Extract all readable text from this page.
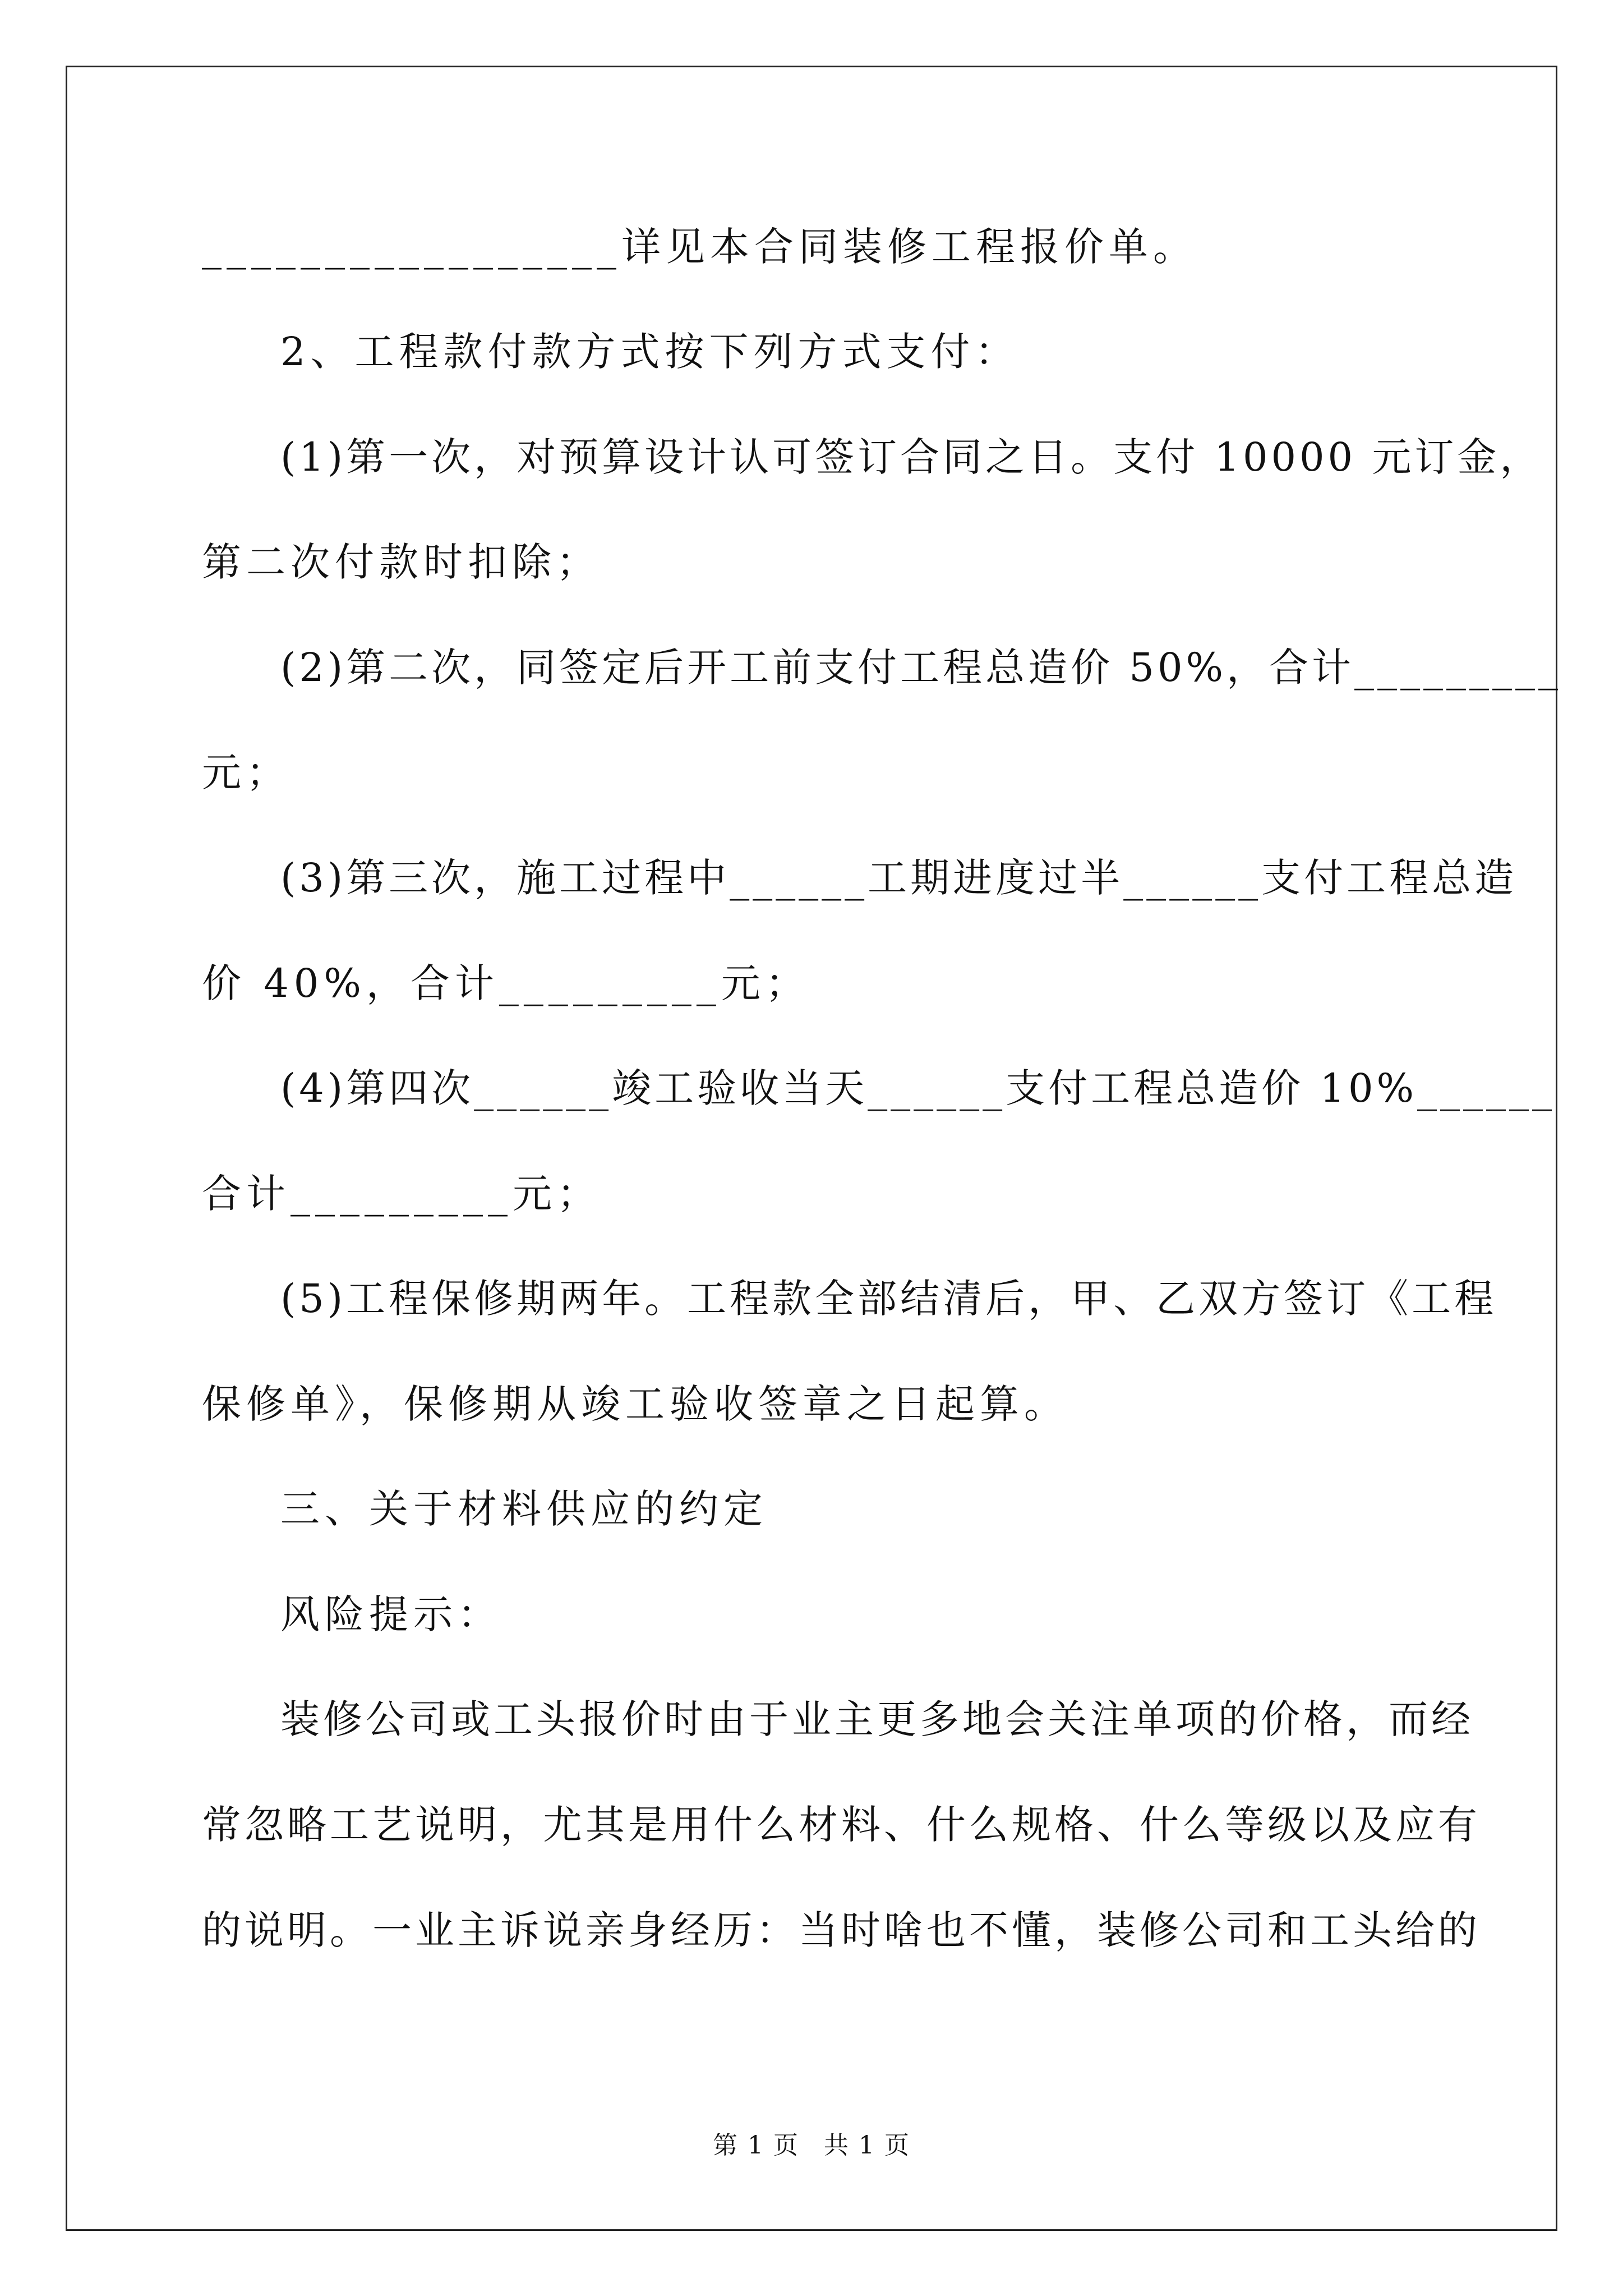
_________________详见本合同装修工程报价单。
2、工程款付款方式按下列方式支付：
(1)第一次，对预算设计认可签订合同之日。支付 10000 元订金，
第二次付款时扣除；
(2)第二次，同签定后开工前支付工程总造价 50%，合计_________
元；
(3)第三次，施工过程中______工期进度过半______支付工程总造
价 40%，合计_________元；
(4)第四次______竣工验收当天______支付工程总造价 10%______
合计_________元；
(5)工程保修期两年。工程款全部结清后，甲、乙双方签订《工程
保修单》，保修期从竣工验收签章之日起算。
三、关于材料供应的约定
风险提示：
装修公司或工头报价时由于业主更多地会关注单项的价格，而经
常忽略工艺说明，尤其是用什么材料、什么规格、什么等级以及应有
的说明。一业主诉说亲身经历：当时啥也不懂，装修公司和工头给的
第 1 页 共 1 页
